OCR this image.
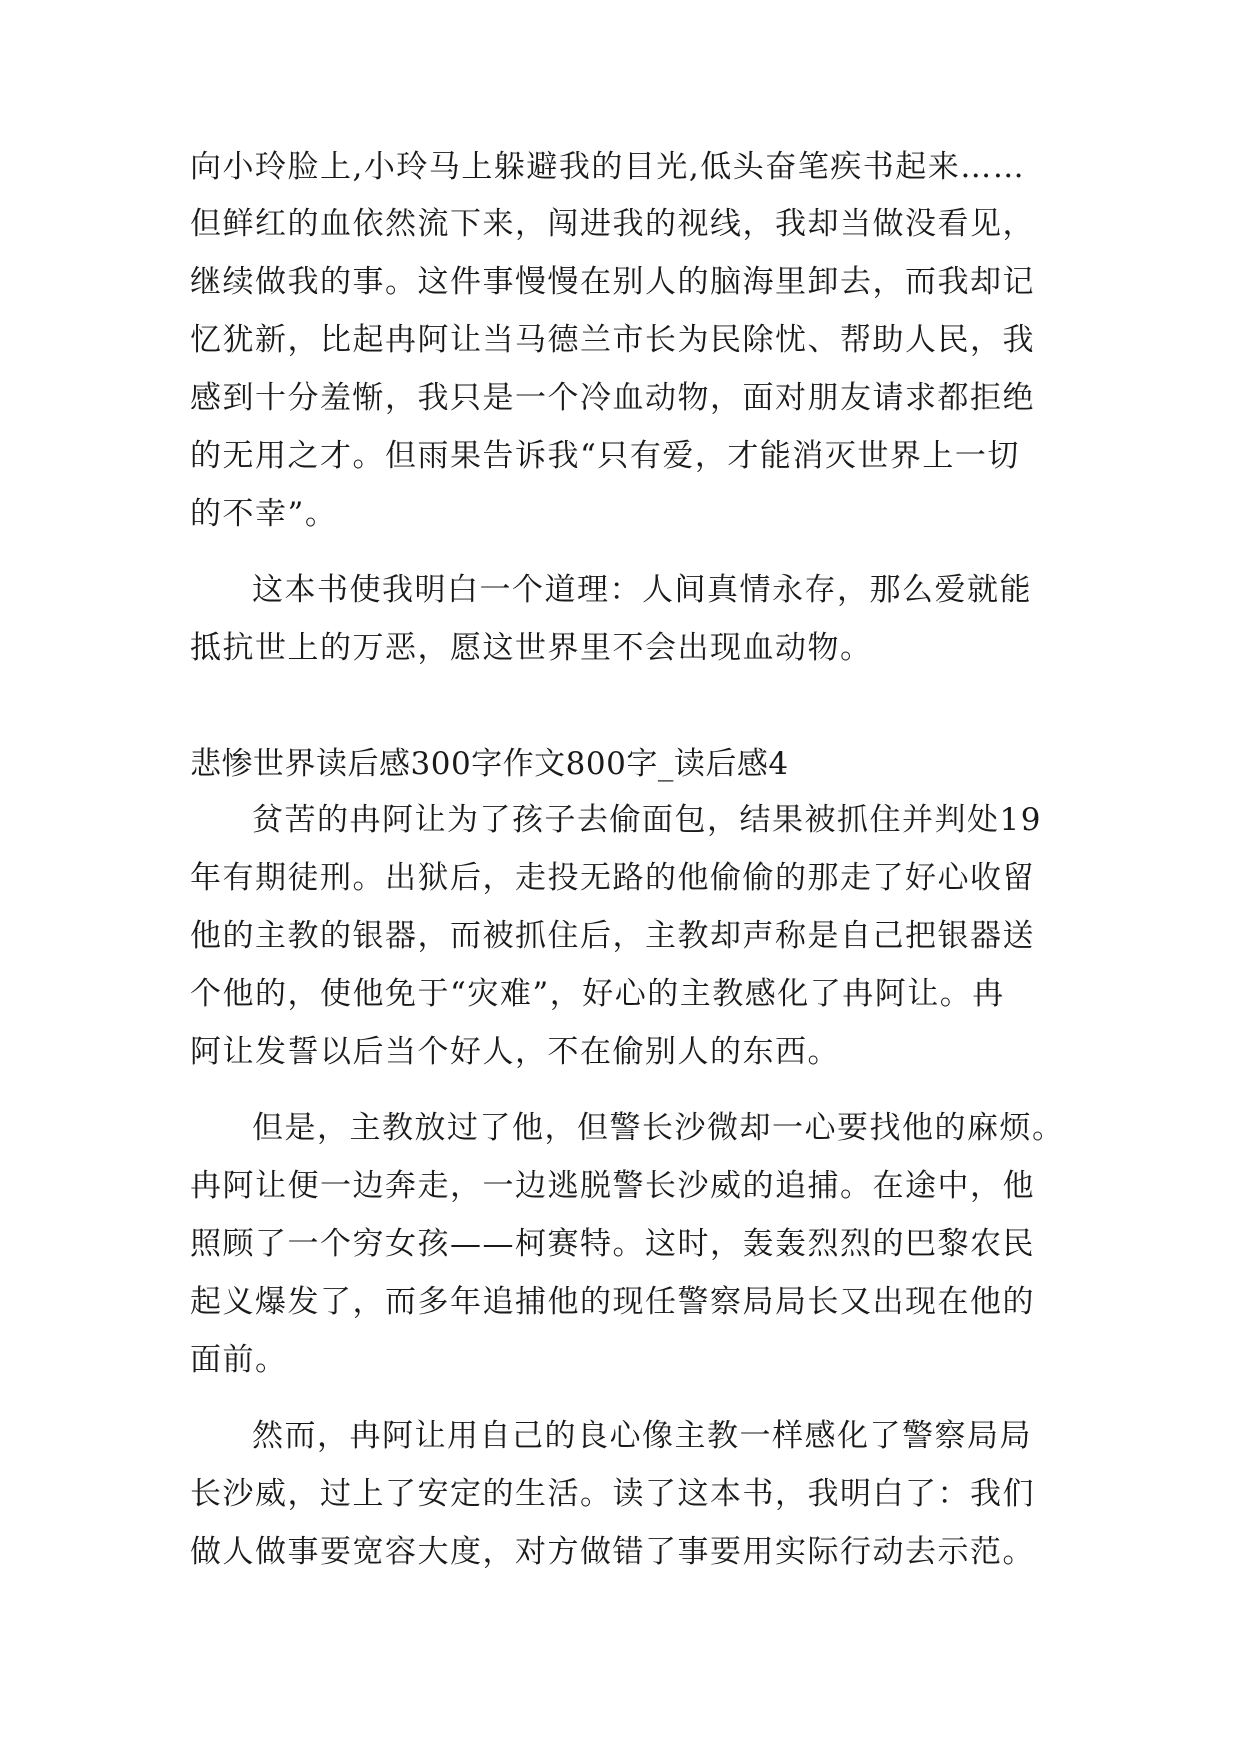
向小玲脸上,小玲马上躲避我的目光,低头奋笔疾书起来……

但鲜红的血依然流下来，闯进我的视线，我却当做没看见，

继续做我的事。这件事慢慢在别人的脑海里卸去，而我却记

忆犹新，比起冉阿让当马德兰市长为民除忧、帮助人民，我

感到十分羞惭，我只是一个冷血动物，面对朋友请求都拒绝

的无用之才。但雨果告诉我“只有爱，才能消灭世界上一切

的不幸”。

这本书使我明白一个道理：人间真情永存，那么爱就能

抵抗世上的万恶，愿这世界里不会出现血动物。

悲惨世界读后感300字作文800字_读后感4

贫苦的冉阿让为了孩子去偷面包，结果被抓住并判处19

年有期徒刑。出狱后，走投无路的他偷偷的那走了好心收留

他的主教的银器，而被抓住后，主教却声称是自己把银器送

个他的，使他免于“灾难”，好心的主教感化了冉阿让。冉

阿让发誓以后当个好人，不在偷别人的东西。

但是，主教放过了他，但警长沙微却一心要找他的麻烦。

冉阿让便一边奔走，一边逃脱警长沙威的追捕。在途中，他

照顾了一个穷女孩——柯赛特。这时，轰轰烈烈的巴黎农民

起义爆发了，而多年追捕他的现任警察局局长又出现在他的

面前。

然而，冉阿让用自己的良心像主教一样感化了警察局局

长沙威，过上了安定的生活。读了这本书，我明白了：我们

做人做事要宽容大度，对方做错了事要用实际行动去示范。
